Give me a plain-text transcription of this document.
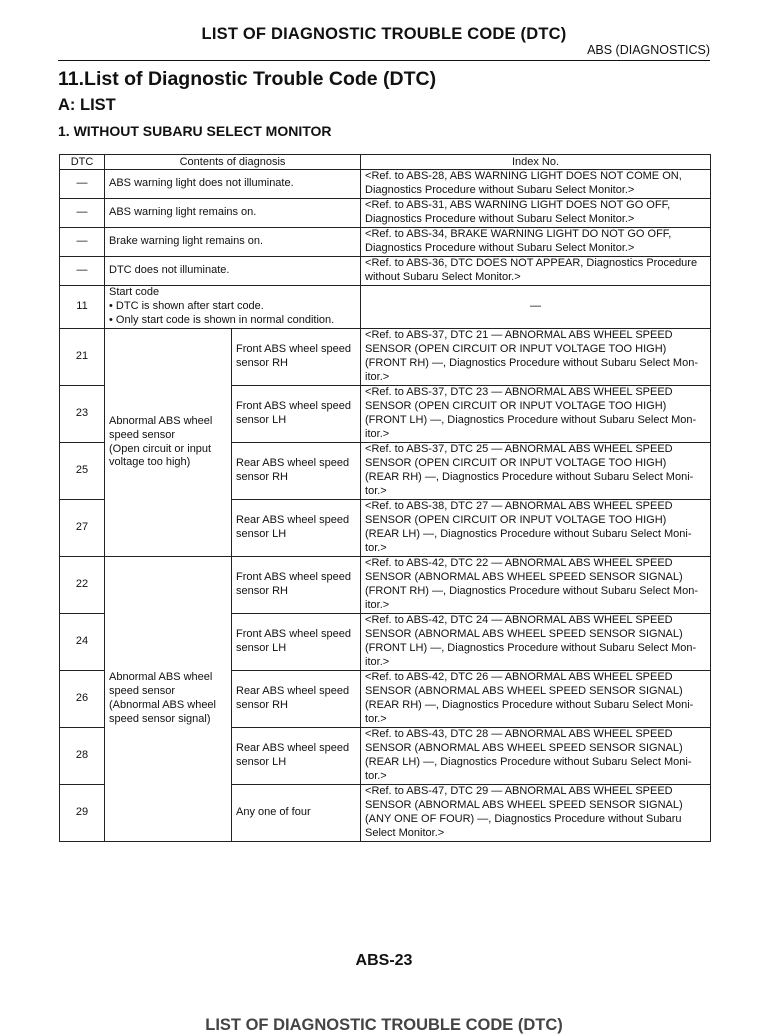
LIST OF DIAGNOSTIC TROUBLE CODE (DTC)
ABS (DIAGNOSTICS)
11.List of Diagnostic Trouble Code (DTC)
A: LIST
1. WITHOUT SUBARU SELECT MONITOR
DTC	Contents of diagnosis		Index No.
—	ABS warning light does not illuminate.		<Ref. to ABS-28, ABS WARNING LIGHT DOES NOT COME ON,
Diagnostics Procedure without Subaru Select Monitor.>

—	ABS warning light remains on.		<Ref. to ABS-31, ABS WARNING LIGHT DOES NOT GO OFF,
Diagnostics Procedure without Subaru Select Monitor.>

—	Brake warning light remains on.		<Ref. to ABS-34, BRAKE WARNING LIGHT DO NOT GO OFF,
Diagnostics Procedure without Subaru Select Monitor.>

—	DTC does not illuminate.		<Ref. to ABS-36, DTC DOES NOT APPEAR, Diagnostics Procedure
without Subaru Select Monitor.>

11	Start code
• DTC is shown after start code.
• Only start code is shown in normal condition.		—
21	Abnormal ABS wheel
speed sensor
(Open circuit or input
voltage too high)	Front ABS wheel speed
sensor RH	<Ref. to ABS-37, DTC 21 — ABNORMAL ABS WHEEL SPEED
SENSOR (OPEN CIRCUIT OR INPUT VOLTAGE TOO HIGH)
(FRONT RH) —, Diagnostics Procedure without Subaru Select Mon-
itor.>

23		Front ABS wheel speed
sensor LH	<Ref. to ABS-37, DTC 23 — ABNORMAL ABS WHEEL SPEED
SENSOR (OPEN CIRCUIT OR INPUT VOLTAGE TOO HIGH)
(FRONT LH) —, Diagnostics Procedure without Subaru Select Mon-
itor.>

25		Rear ABS wheel speed
sensor RH	<Ref. to ABS-37, DTC 25 — ABNORMAL ABS WHEEL SPEED
SENSOR (OPEN CIRCUIT OR INPUT VOLTAGE TOO HIGH)
(REAR RH) —, Diagnostics Procedure without Subaru Select Moni-
tor.>

27		Rear ABS wheel speed
sensor LH	<Ref. to ABS-38, DTC 27 — ABNORMAL ABS WHEEL SPEED
SENSOR (OPEN CIRCUIT OR INPUT VOLTAGE TOO HIGH)
(REAR LH) —, Diagnostics Procedure without Subaru Select Moni-
tor.>

22	Abnormal ABS wheel
speed sensor
(Abnormal ABS wheel
speed sensor signal)	Front ABS wheel speed
sensor RH	<Ref. to ABS-42, DTC 22 — ABNORMAL ABS WHEEL SPEED
SENSOR (ABNORMAL ABS WHEEL SPEED SENSOR SIGNAL)
(FRONT RH) —, Diagnostics Procedure without Subaru Select Mon-
itor.>

24		Front ABS wheel speed
sensor LH	<Ref. to ABS-42, DTC 24 — ABNORMAL ABS WHEEL SPEED
SENSOR (ABNORMAL ABS WHEEL SPEED SENSOR SIGNAL)
(FRONT LH) —, Diagnostics Procedure without Subaru Select Mon-
itor.>

26		Rear ABS wheel speed
sensor RH	<Ref. to ABS-42, DTC 26 — ABNORMAL ABS WHEEL SPEED
SENSOR (ABNORMAL ABS WHEEL SPEED SENSOR SIGNAL)
(REAR RH) —, Diagnostics Procedure without Subaru Select Moni-
tor.>

28		Rear ABS wheel speed
sensor LH	<Ref. to ABS-43, DTC 28 — ABNORMAL ABS WHEEL SPEED
SENSOR (ABNORMAL ABS WHEEL SPEED SENSOR SIGNAL)
(REAR LH) —, Diagnostics Procedure without Subaru Select Moni-
tor.>

29		Any one of four	<Ref. to ABS-47, DTC 29 — ABNORMAL ABS WHEEL SPEED
SENSOR (ABNORMAL ABS WHEEL SPEED SENSOR SIGNAL)
(ANY ONE OF FOUR) —, Diagnostics Procedure without Subaru
Select Monitor.>
ABS-23
LIST OF DIAGNOSTIC TROUBLE CODE (DTC)
